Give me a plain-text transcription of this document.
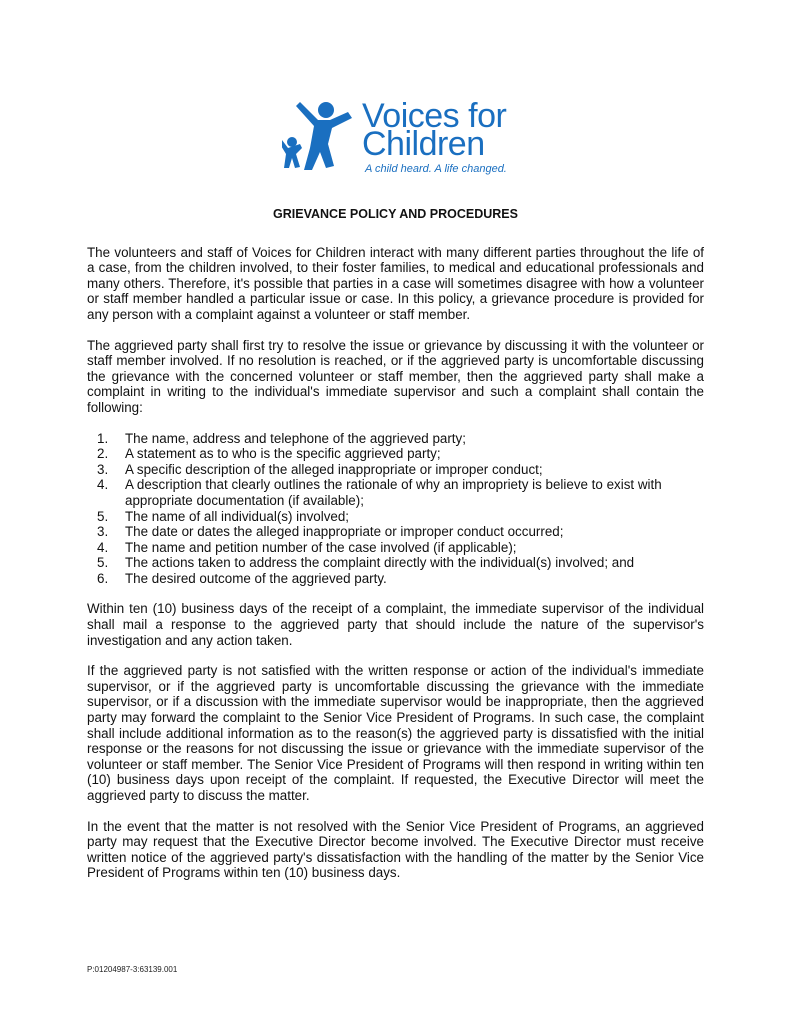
Voices for
Children
A child heard. A life changed.
GRIEVANCE POLICY AND PROCEDURES

The volunteers and staff of Voices for Children interact with many different parties throughout the life of a case, from the children involved, to their foster families, to medical and educational professionals and many others. Therefore, it's possible that parties in a case will sometimes disagree with how a volunteer or staff member handled a particular issue or case. In this policy, a grievance procedure is provided for any person with a complaint against a volunteer or staff member.

The aggrieved party shall first try to resolve the issue or grievance by discussing it with the volunteer or staff member involved. If no resolution is reached, or if the aggrieved party is uncomfortable discussing the grievance with the concerned volunteer or staff member, then the aggrieved party shall make a complaint in writing to the individual's immediate supervisor and such a complaint shall contain the following:

1.	The name, address and telephone of the aggrieved party;
2.	A statement as to who is the specific aggrieved party;
3.	A specific description of the alleged inappropriate or improper conduct;
4.	A description that clearly outlines the rationale of why an impropriety is believe to exist with appropriate documentation (if available);
5.	The name of all individual(s) involved;
3.	The date or dates the alleged inappropriate or improper conduct occurred;
4.	The name and petition number of the case involved (if applicable);
5.	The actions taken to address the complaint directly with the individual(s) involved; and
6.	The desired outcome of the aggrieved party.

Within ten (10) business days of the receipt of a complaint, the immediate supervisor of the individual shall mail a response to the aggrieved party that should include the nature of the supervisor's investigation and any action taken.

If the aggrieved party is not satisfied with the written response or action of the individual's immediate supervisor, or if the aggrieved party is uncomfortable discussing the grievance with the immediate supervisor, or if a discussion with the immediate supervisor would be inappropriate, then the aggrieved party may forward the complaint to the Senior Vice President of Programs. In such case, the complaint shall include additional information as to the reason(s) the aggrieved party is dissatisfied with the initial response or the reasons for not discussing the issue or grievance with the immediate supervisor of the volunteer or staff member. The Senior Vice President of Programs will then respond in writing within ten (10) business days upon receipt of the complaint. If requested, the Executive Director will meet the aggrieved party to discuss the matter.

In the event that the matter is not resolved with the Senior Vice President of Programs, an aggrieved party may request that the Executive Director become involved. The Executive Director must receive written notice of the aggrieved party's dissatisfaction with the handling of the matter by the Senior Vice President of Programs within ten (10) business days.

P:01204987-3:63139.001
